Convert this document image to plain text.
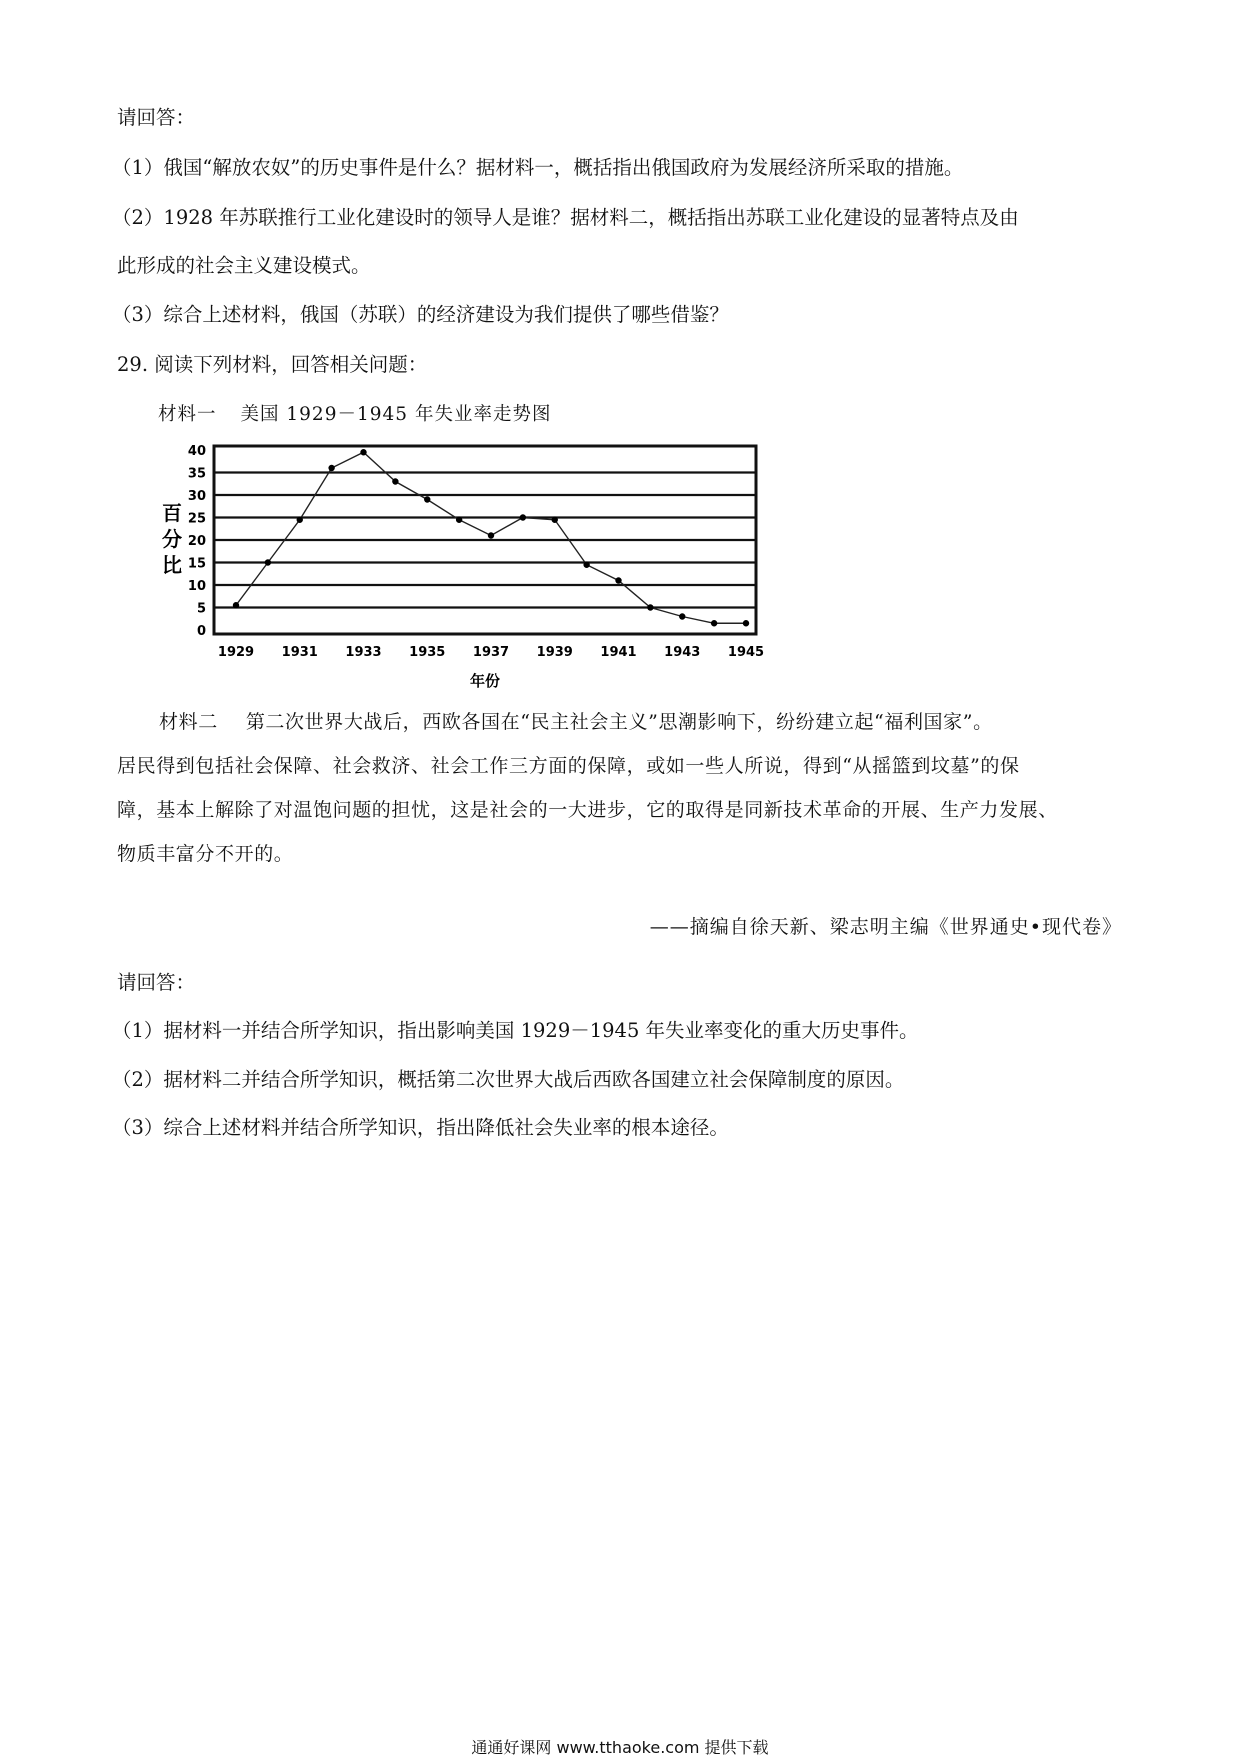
请回答：
（1）俄国“解放农奴”的历史事件是什么？据材料一，概括指出俄国政府为发展经济所采取的措施。
（2）1928 年苏联推行工业化建设时的领导人是谁？据材料二，概括指出苏联工业化建设的显著特点及由
此形成的社会主义建设模式。
（3）综合上述材料，俄国（苏联）的经济建设为我们提供了哪些借鉴？
29. 阅读下列材料，回答相关问题：
材料一 美国 1929－1945 年失业率走势图
0
5
10
15
20
25
30
35
40
1929 1931 1933 1935 1937 1939 1941 1943 1945
百分比
年份
材料二 第二次世界大战后，西欧各国在“民主社会主义”思潮影响下，纷纷建立起“福利国家”。
居民得到包括社会保障、社会救济、社会工作三方面的保障，或如一些人所说，得到“从摇篮到坟墓”的保
障，基本上解除了对温饱问题的担忧，这是社会的一大进步，它的取得是同新技术革命的开展、生产力发展、
物质丰富分不开的。
——摘编自徐天新、梁志明主编《世界通史•现代卷》
请回答：
（1）据材料一并结合所学知识，指出影响美国 1929－1945 年失业率变化的重大历史事件。
（2）据材料二并结合所学知识，概括第二次世界大战后西欧各国建立社会保障制度的原因。
（3）综合上述材料并结合所学知识，指出降低社会失业率的根本途径。
通通好课网 www.tthaoke.com 提供下载
